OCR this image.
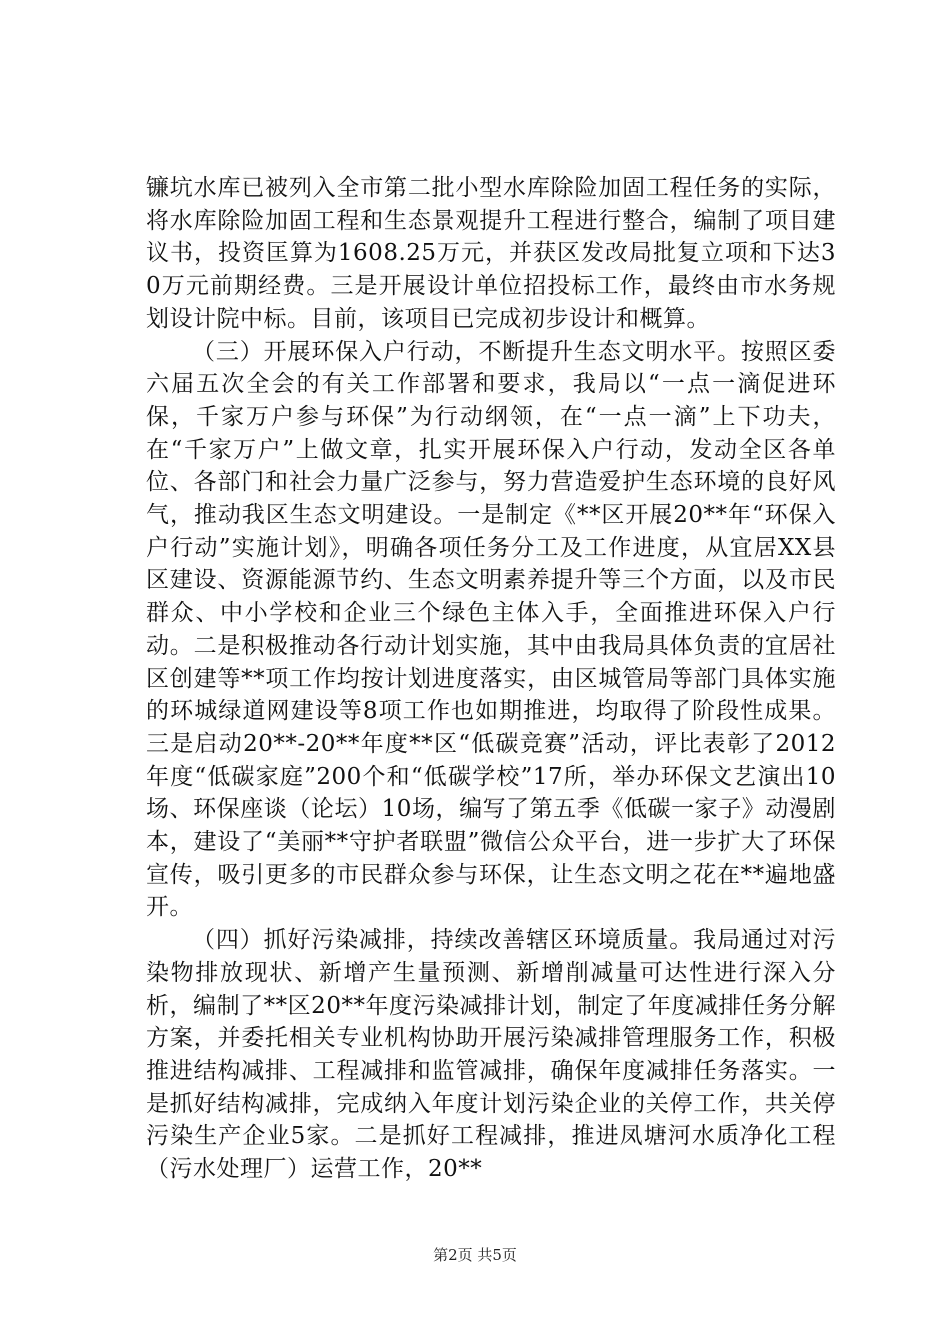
镰坑水库已被列入全市第二批小型水库除险加固工程任务的实际，将水库除险加固工程和生态景观提升工程进行整合，编制了项目建议书，投资匡算为1608.25万元，并获区发改局批复立项和下达30万元前期经费。三是开展设计单位招投标工作，最终由市水务规划设计院中标。目前，该项目已完成初步设计和概算。

（三）开展环保入户行动，不断提升生态文明水平。按照区委六届五次全会的有关工作部署和要求，我局以“一点一滴促进环保，千家万户参与环保”为行动纲领，在“一点一滴”上下功夫，在“千家万户”上做文章，扎实开展环保入户行动，发动全区各单位、各部门和社会力量广泛参与，努力营造爱护生态环境的良好风气，推动我区生态文明建设。一是制定《**区开展20**年“环保入户行动”实施计划》，明确各项任务分工及工作进度，从宜居XX县区建设、资源能源节约、生态文明素养提升等三个方面，以及市民群众、中小学校和企业三个绿色主体入手，全面推进环保入户行动。二是积极推动各行动计划实施，其中由我局具体负责的宜居社区创建等**项工作均按计划进度落实，由区城管局等部门具体实施的环城绿道网建设等8项工作也如期推进，均取得了阶段性成果。三是启动20**-20**年度**区“低碳竞赛”活动，评比表彰了2012年度“低碳家庭”200个和“低碳学校”17所，举办环保文艺演出10场、环保座谈（论坛）10场，编写了第五季《低碳一家子》动漫剧本，建设了“美丽**守护者联盟”微信公众平台，进一步扩大了环保宣传，吸引更多的市民群众参与环保，让生态文明之花在**遍地盛开。

（四）抓好污染减排，持续改善辖区环境质量。我局通过对污染物排放现状、新增产生量预测、新增削减量可达性进行深入分析，编制了**区20**年度污染减排计划，制定了年度减排任务分解方案，并委托相关专业机构协助开展污染减排管理服务工作，积极推进结构减排、工程减排和监管减排，确保年度减排任务落实。一是抓好结构减排，完成纳入年度计划污染企业的关停工作，共关停污染生产企业5家。二是抓好工程减排，推进凤塘河水质净化工程（污水处理厂）运营工作，20**

第2页 共5页
